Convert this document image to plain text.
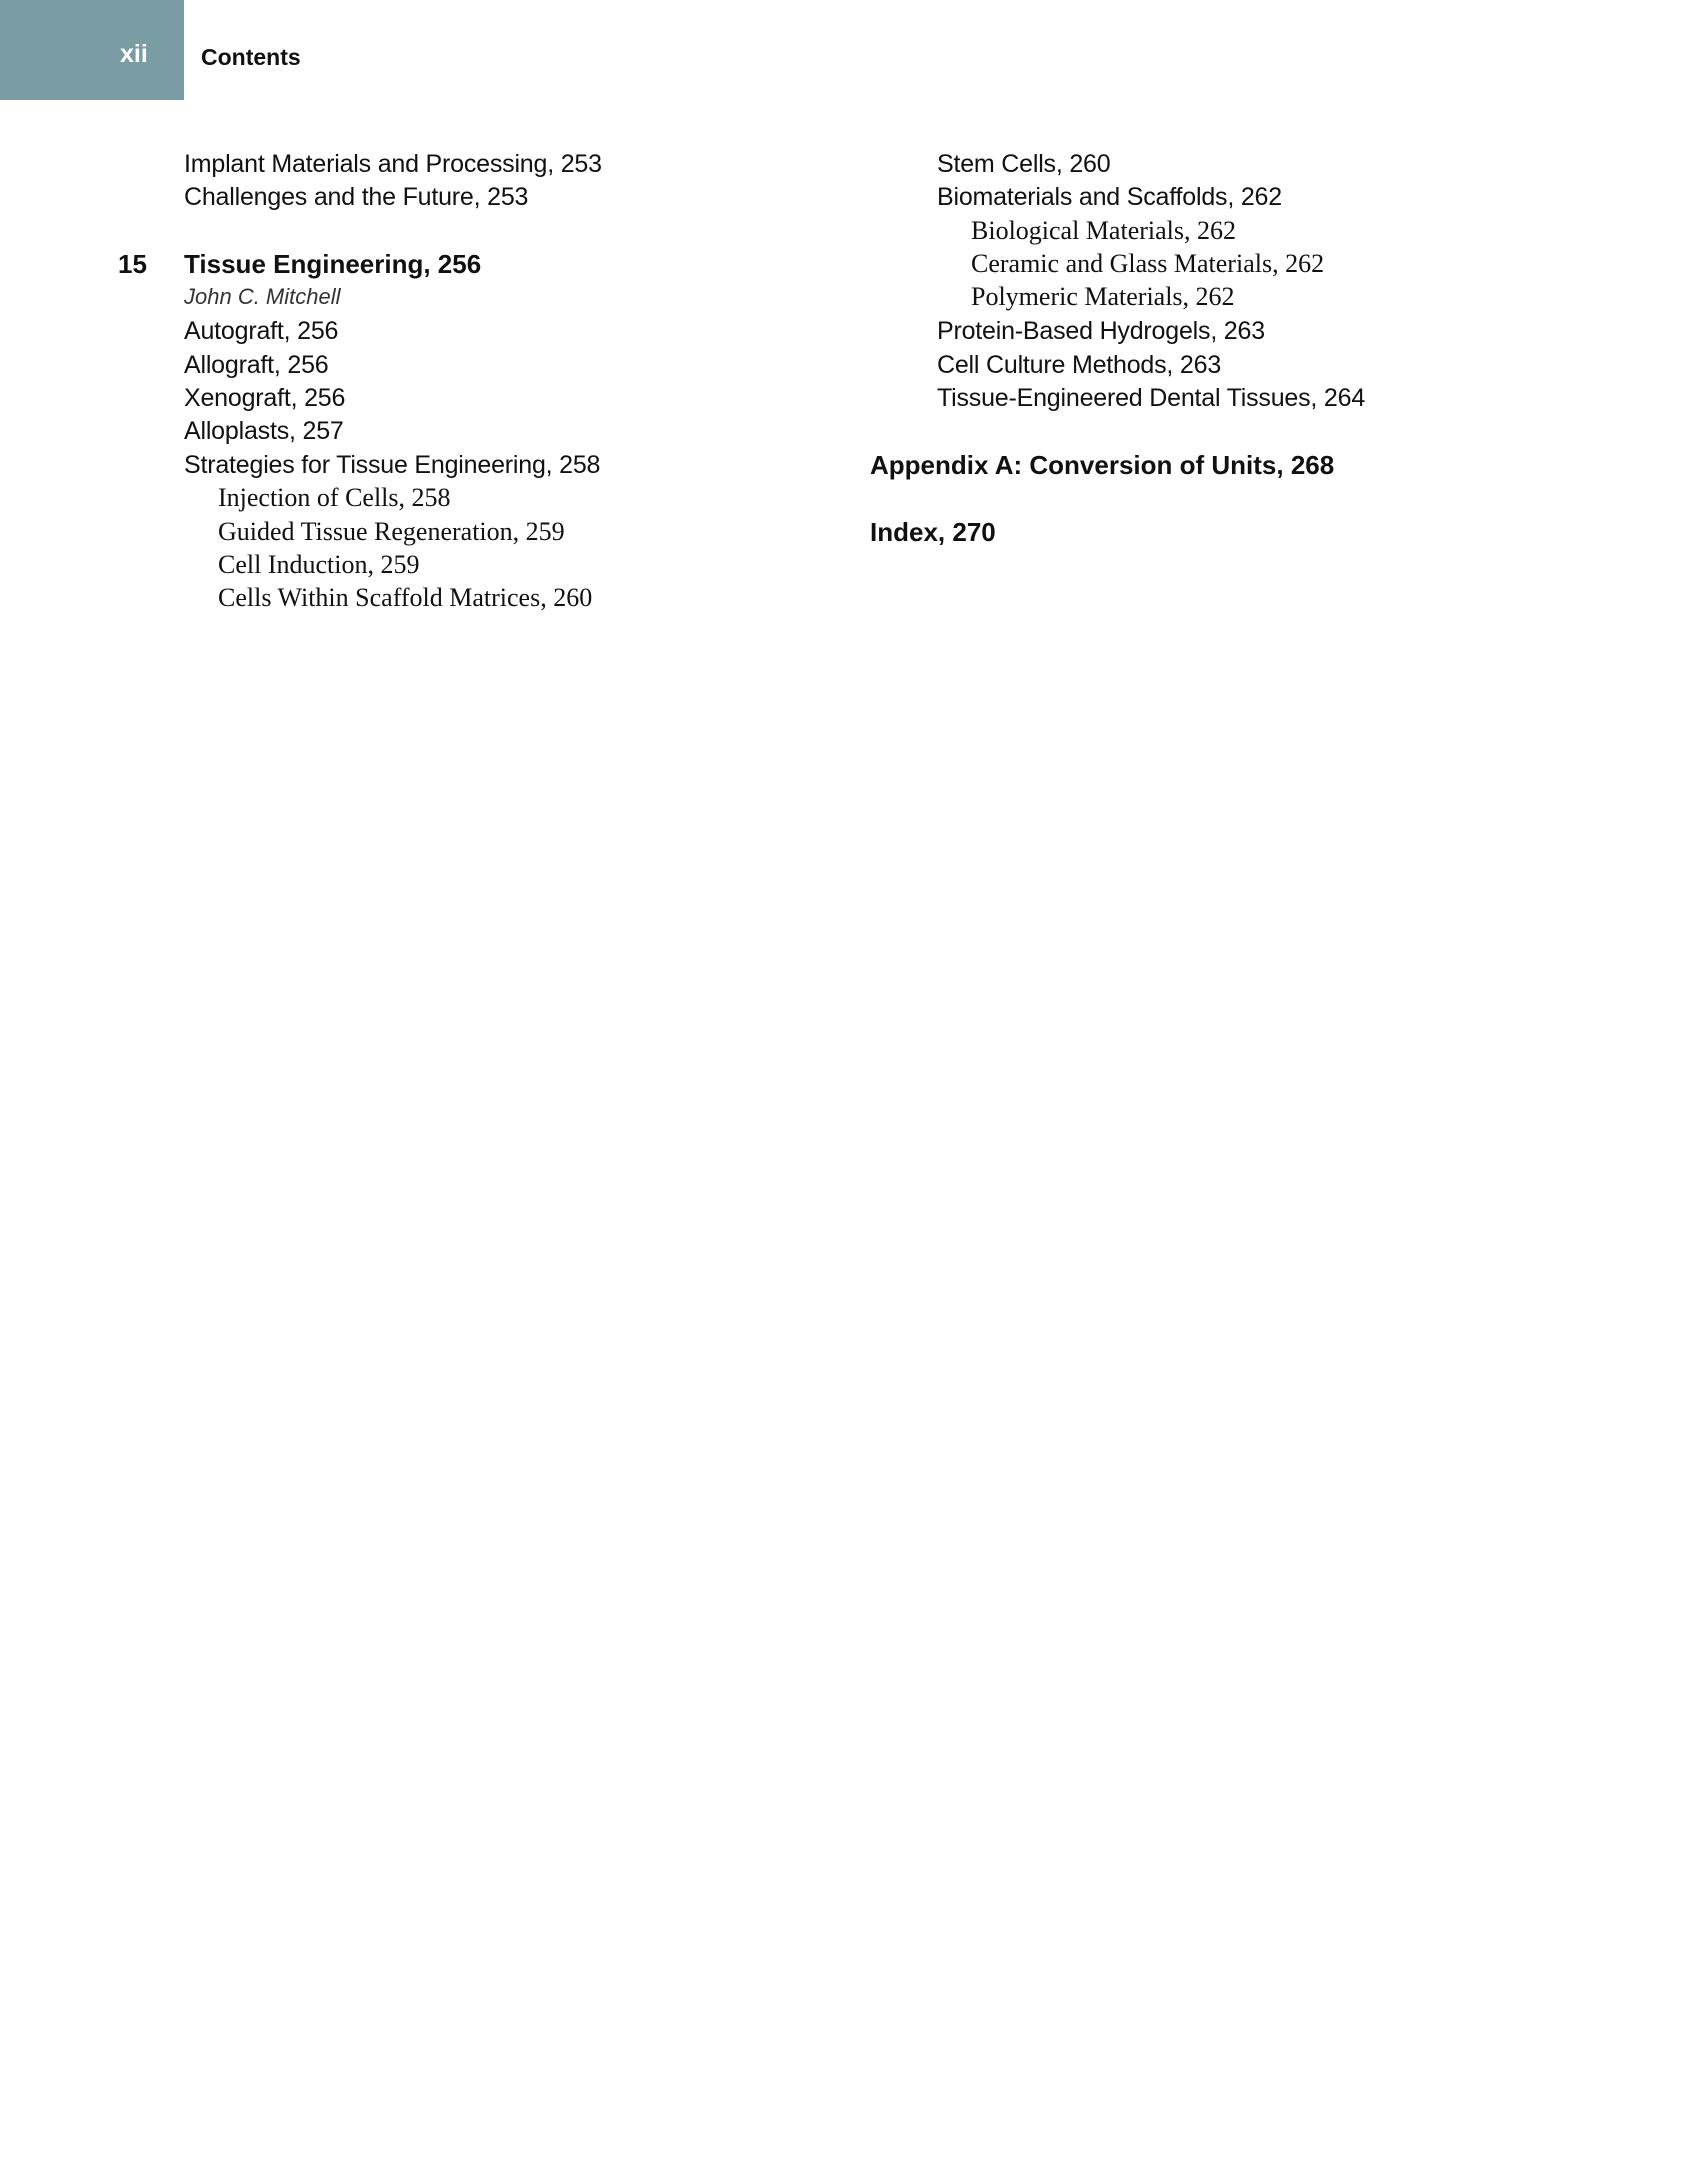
xii Contents
Implant Materials and Processing, 253
Challenges and the Future, 253
15 Tissue Engineering, 256
John C. Mitchell
Autograft, 256
Allograft, 256
Xenograft, 256
Alloplasts, 257
Strategies for Tissue Engineering, 258
Injection of Cells, 258
Guided Tissue Regeneration, 259
Cell Induction, 259
Cells Within Scaffold Matrices, 260
Stem Cells, 260
Biomaterials and Scaffolds, 262
Biological Materials, 262
Ceramic and Glass Materials, 262
Polymeric Materials, 262
Protein-Based Hydrogels, 263
Cell Culture Methods, 263
Tissue-Engineered Dental Tissues, 264
Appendix A: Conversion of Units, 268
Index, 270
